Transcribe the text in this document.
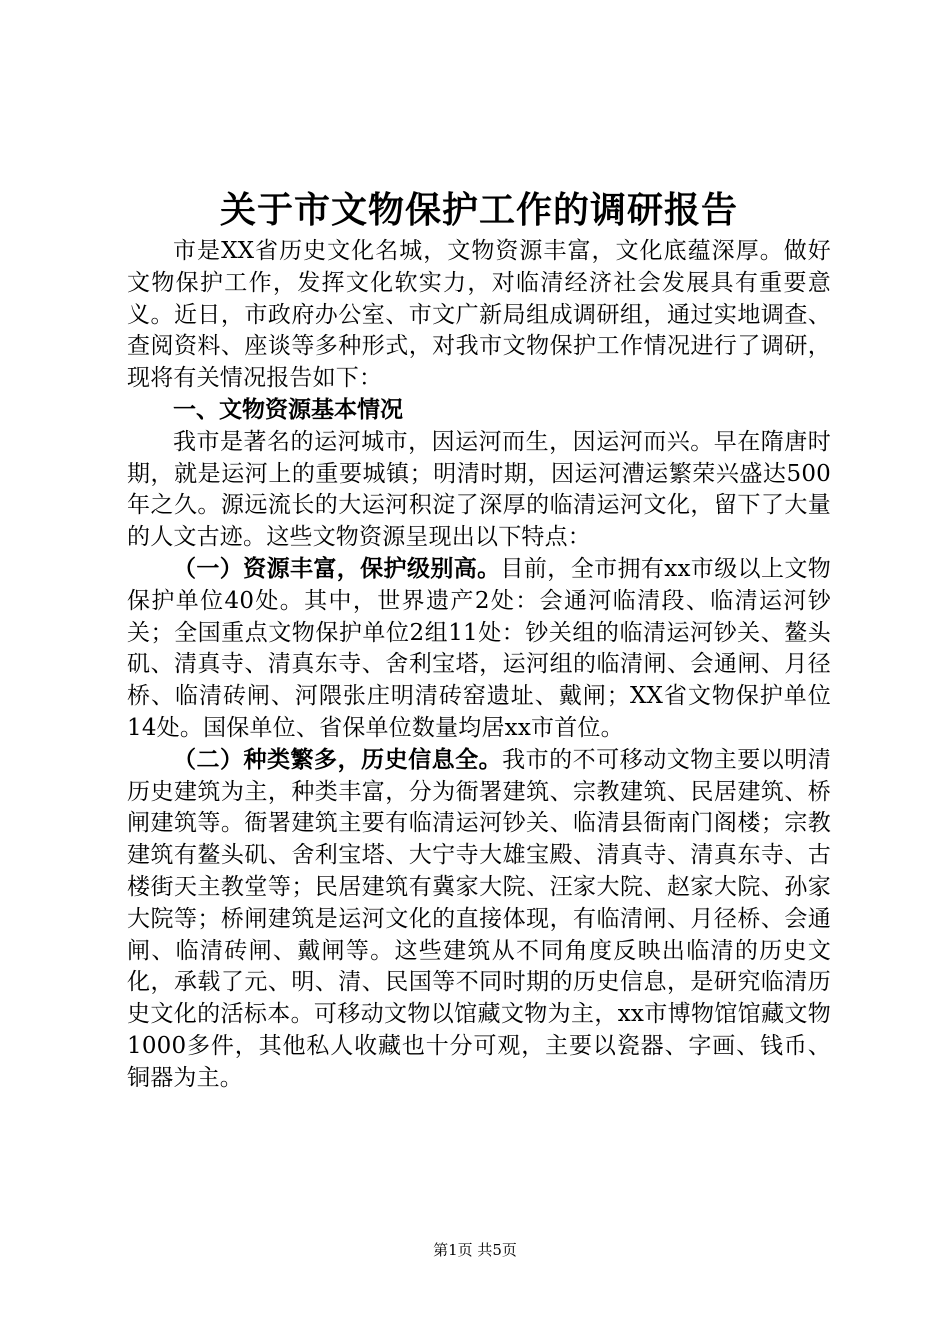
关于市文物保护工作的调研报告

市是XX省历史文化名城，文物资源丰富，文化底蕴深厚。做好文物保护工作，发挥文化软实力，对临清经济社会发展具有重要意义。近日，市政府办公室、市文广新局组成调研组，通过实地调查、查阅资料、座谈等多种形式，对我市文物保护工作情况进行了调研，现将有关情况报告如下：

一、文物资源基本情况

我市是著名的运河城市，因运河而生，因运河而兴。早在隋唐时期，就是运河上的重要城镇；明清时期，因运河漕运繁荣兴盛达500年之久。源远流长的大运河积淀了深厚的临清运河文化，留下了大量的人文古迹。这些文物资源呈现出以下特点：

（一）资源丰富，保护级别高。目前，全市拥有xx市级以上文物保护单位40处。其中，世界遗产2处：会通河临清段、临清运河钞关；全国重点文物保护单位2组11处：钞关组的临清运河钞关、鳌头矶、清真寺、清真东寺、舍利宝塔，运河组的临清闸、会通闸、月径桥、临清砖闸、河隈张庄明清砖窑遗址、戴闸；XX省文物保护单位14处。国保单位、省保单位数量均居xx市首位。

（二）种类繁多，历史信息全。我市的不可移动文物主要以明清历史建筑为主，种类丰富，分为衙署建筑、宗教建筑、民居建筑、桥闸建筑等。衙署建筑主要有临清运河钞关、临清县衙南门阁楼；宗教建筑有鳌头矶、舍利宝塔、大宁寺大雄宝殿、清真寺、清真东寺、古楼街天主教堂等；民居建筑有冀家大院、汪家大院、赵家大院、孙家大院等；桥闸建筑是运河文化的直接体现，有临清闸、月径桥、会通闸、临清砖闸、戴闸等。这些建筑从不同角度反映出临清的历史文化，承载了元、明、清、民国等不同时期的历史信息，是研究临清历史文化的活标本。可移动文物以馆藏文物为主，xx市博物馆馆藏文物1000多件，其他私人收藏也十分可观，主要以瓷器、字画、钱币、铜器为主。

第1页 共5页
